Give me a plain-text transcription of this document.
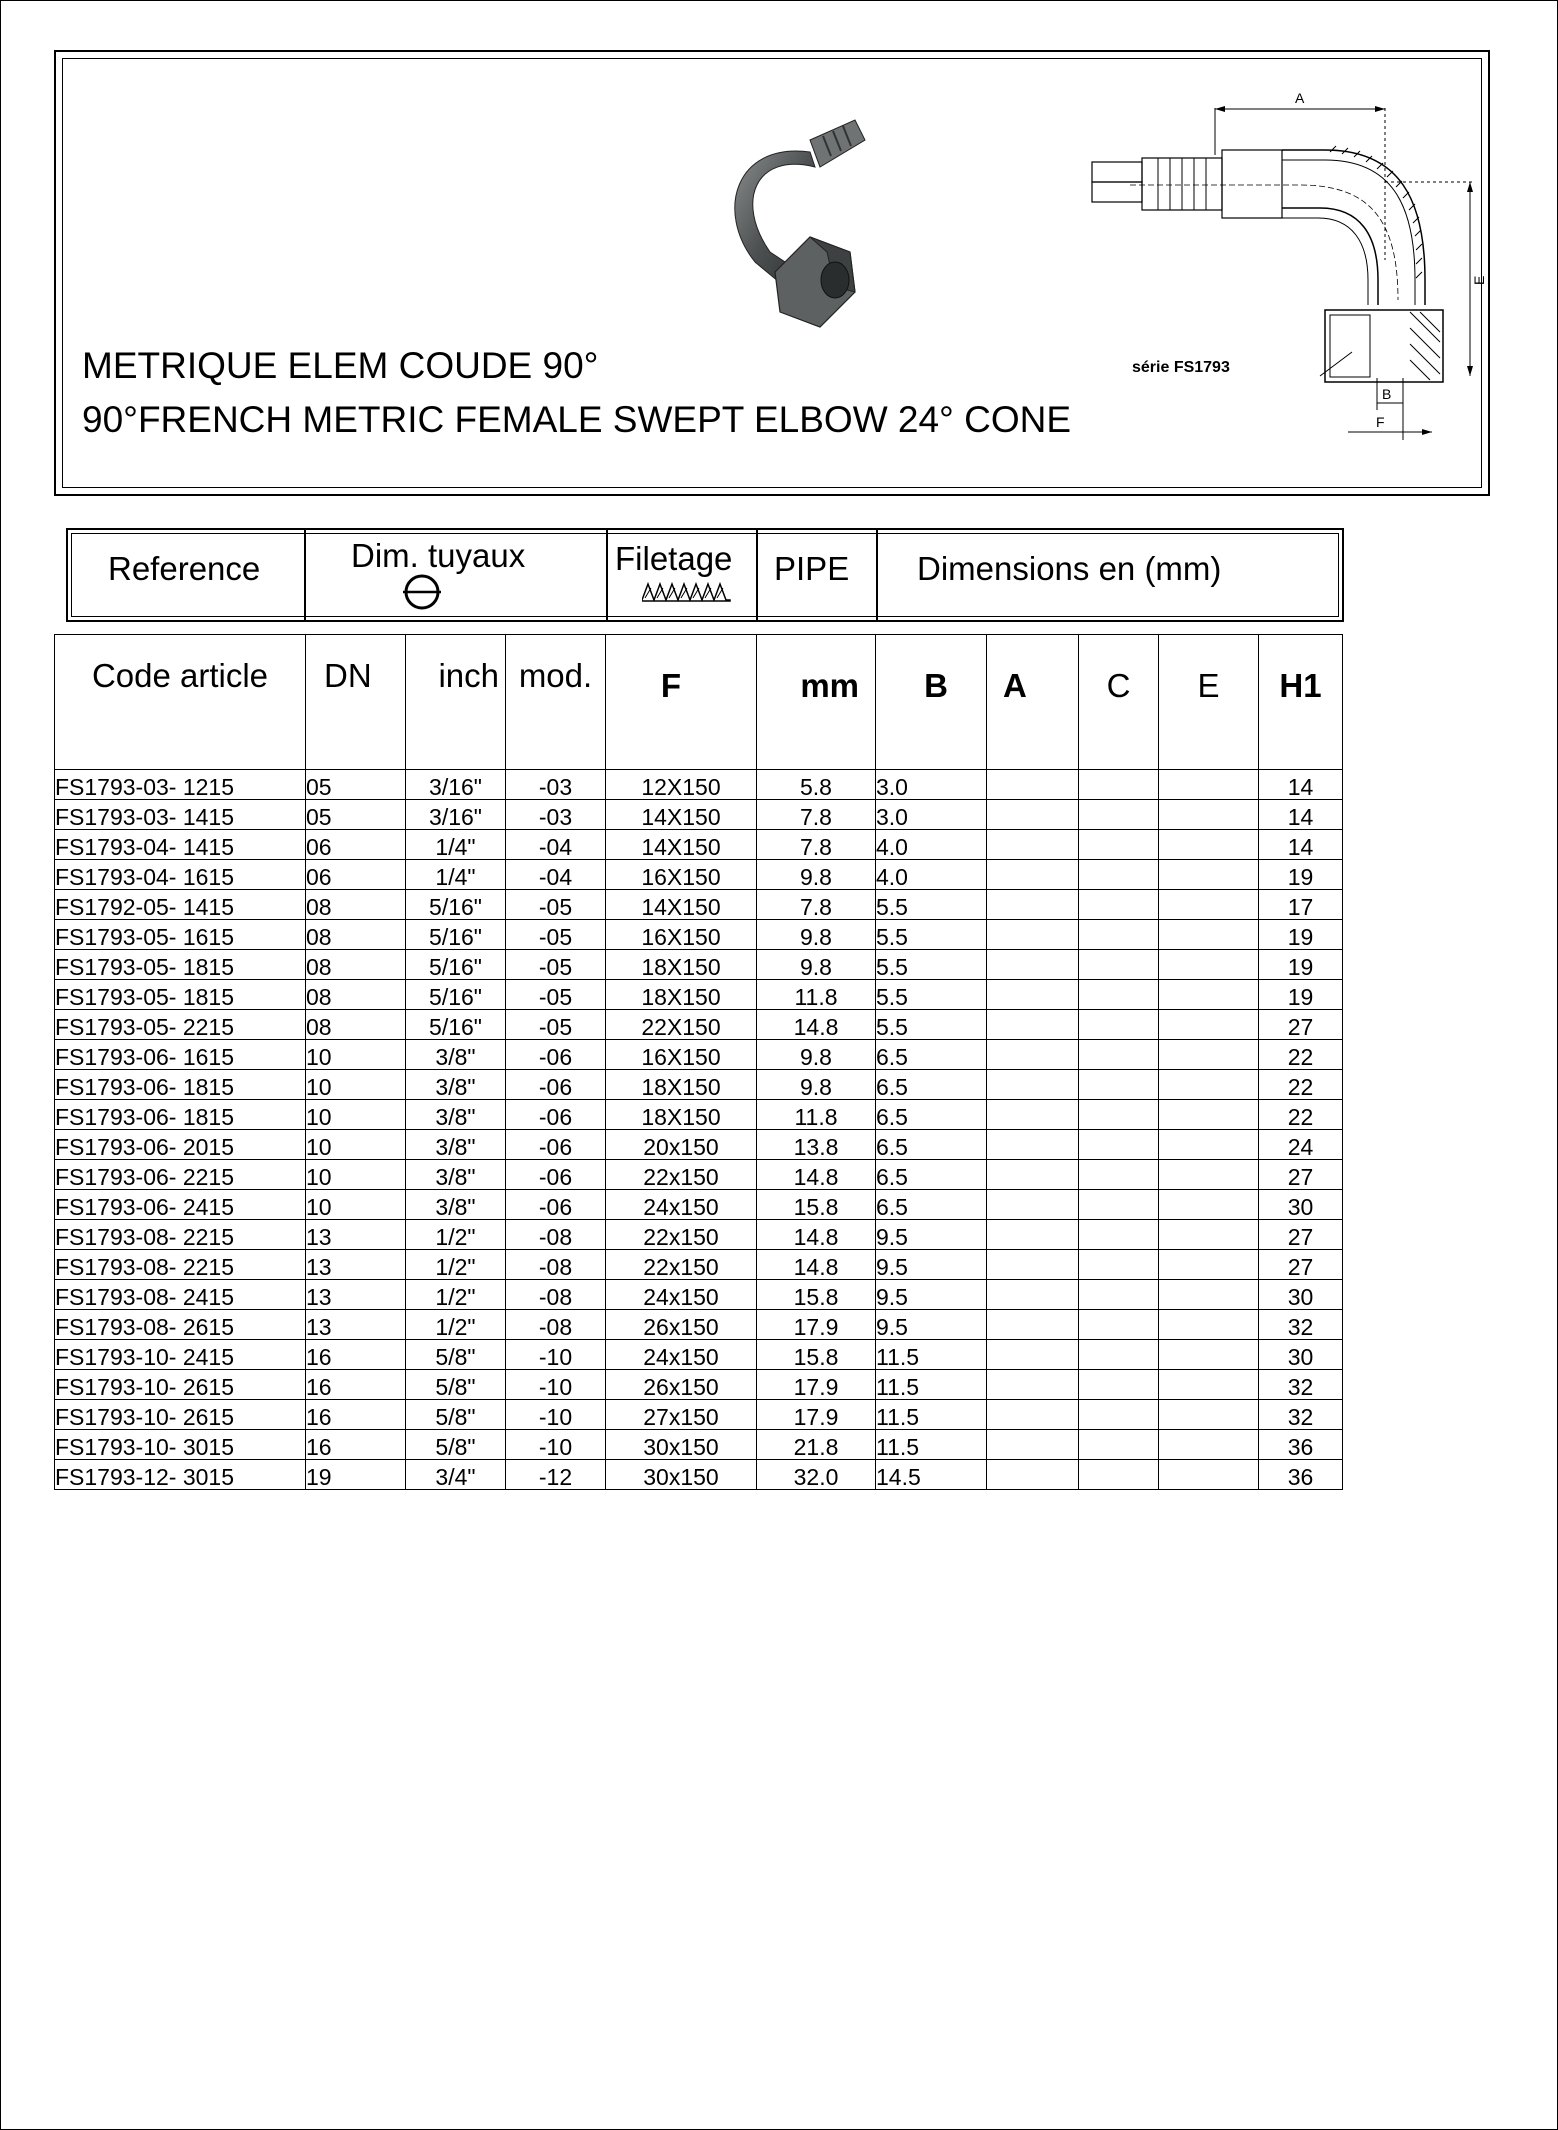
METRIQUE ELEM COUDE 90°
90°FRENCH METRIC FEMALE SWEPT ELBOW 24° CONE
A
E
B
F
série FS1793
Reference	Dim. tuyaux	Filetage PIPE Dimensions en (mm)
Code article	DN	inch	mod.	F	mm	B	A	C	E	H1
FS1793-03- 1215	05	3/16"	-03	12X150	5.8	3.0				14
FS1793-03- 1415	05	3/16"	-03	14X150	7.8	3.0				14
FS1793-04- 1415	06	1/4"	-04	14X150	7.8	4.0				14
FS1793-04- 1615	06	1/4"	-04	16X150	9.8	4.0				19
FS1792-05- 1415	08	5/16"	-05	14X150	7.8	5.5				17
FS1793-05- 1615	08	5/16"	-05	16X150	9.8	5.5				19
FS1793-05- 1815	08	5/16"	-05	18X150	9.8	5.5				19
FS1793-05- 1815	08	5/16"	-05	18X150	11.8	5.5				19
FS1793-05- 2215	08	5/16"	-05	22X150	14.8	5.5				27
FS1793-06- 1615	10	3/8"	-06	16X150	9.8	6.5				22
FS1793-06- 1815	10	3/8"	-06	18X150	9.8	6.5				22
FS1793-06- 1815	10	3/8"	-06	18X150	11.8	6.5				22
FS1793-06- 2015	10	3/8"	-06	20x150	13.8	6.5				24
FS1793-06- 2215	10	3/8"	-06	22x150	14.8	6.5				27
FS1793-06- 2415	10	3/8"	-06	24x150	15.8	6.5				30
FS1793-08- 2215	13	1/2"	-08	22x150	14.8	9.5				27
FS1793-08- 2215	13	1/2"	-08	22x150	14.8	9.5				27
FS1793-08- 2415	13	1/2"	-08	24x150	15.8	9.5				30
FS1793-08- 2615	13	1/2"	-08	26x150	17.9	9.5				32
FS1793-10- 2415	16	5/8"	-10	24x150	15.8	11.5				30
FS1793-10- 2615	16	5/8"	-10	26x150	17.9	11.5				32
FS1793-10- 2615	16	5/8"	-10	27x150	17.9	11.5				32
FS1793-10- 3015	16	5/8"	-10	30x150	21.8	11.5				36
FS1793-12- 3015	19	3/4"	-12	30x150	32.0	14.5				36
